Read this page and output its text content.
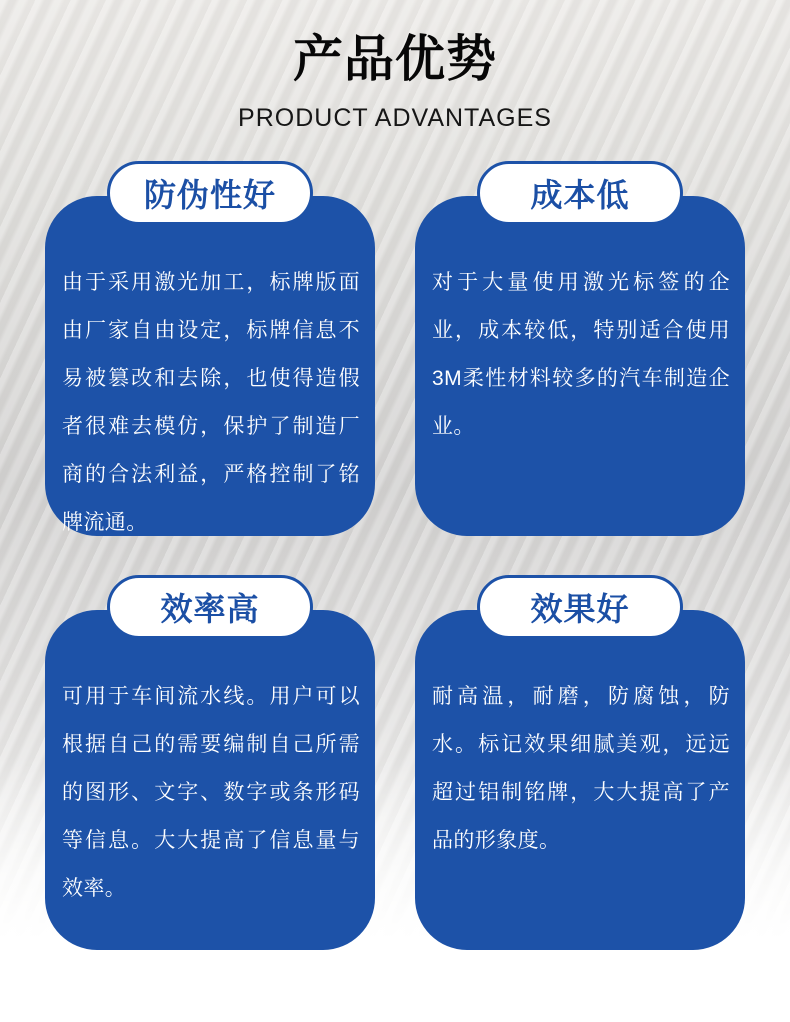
产品优势
PRODUCT ADVANTAGES
防伪性好

由于采用激光加工，标牌版面由厂家自由设定，标牌信息不易被篡改和去除，也使得造假者很难去模仿，保护了制造厂商的合法利益，严格控制了铭牌流通。

成本低

对于大量使用激光标签的企业，成本较低，特别适合使用3M柔性材料较多的汽车制造企业。

效率高

可用于车间流水线。用户可以根据自己的需要编制自己所需的图形、文字、数字或条形码等信息。大大提高了信息量与效率。

效果好

耐高温，耐磨，防腐蚀，防水。标记效果细腻美观，远远超过铝制铭牌，大大提高了产品的形象度。
